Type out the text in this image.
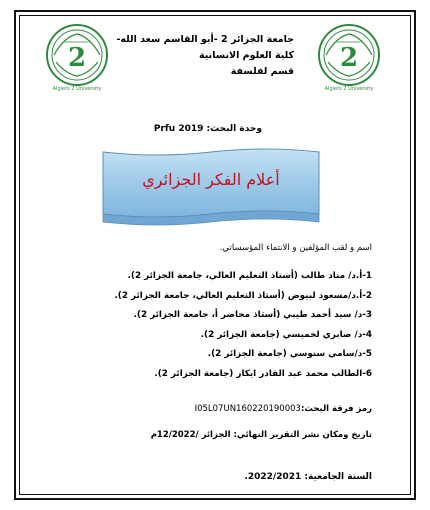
2
Algiers 2 University
2
Algiers 2 University
جامعة الجزائر 2 -أبو القاسم سعد الله-
كلية العلوم الانسانية
قسم لفلسفة
وحدة البحث: Prfu 2019
أعلام الفكر الجزائري
اسم و لقب المؤلفين و الانتماء المؤسساتي.
1-أ.د/ مناد طالب (أستاذ التعليم العالي، جامعة الجزائر 2).
2-أ.د/مسعود لبيوض (أستاذ التعليم العالي، جامعة الجزائر 2).
3-د/ سيد أحمد طيبي (أستاذ محاضر أ، جامعة الجزائر 2).
4-د/ صابري لخميسي (جامعة الجزائر 2).
5-د/سامي سنوسي (جامعة الجزائر 2).
6-الطالب محمد عبد القادر ايكار (جامعة الجزائر 2).
رمز فرقة البحث:I05L07UN160220190003
تاريخ ومكان نشر التقرير النهائي: الجزائر /12/2022م
السنة الجامعية: 2022/2021.
